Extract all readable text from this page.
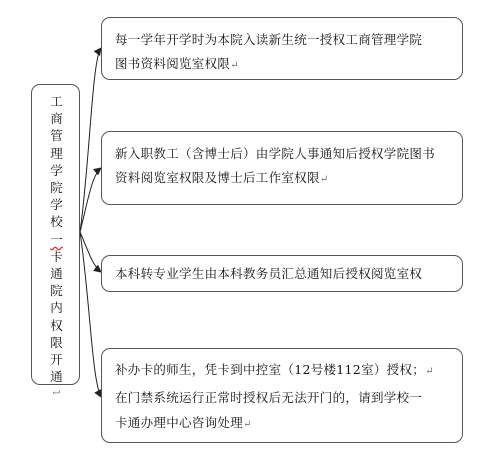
工
商
管
理
学
院
学
校
一
卡
通
院
内
权
限
开
通
↩
每一学年开学时为本院入读新生统一授权工商管理学院
图书资料阅览室权限↵
新入职教工（含博士后）由学院人事通知后授权学院图书
资料阅览室权限及博士后工作室权限↵
本科转专业学生由本科教务员汇总通知后授权阅览室权
补办卡的师生，凭卡到中控室（12号楼112室）授权；↵
在门禁系统运行正常时授权后无法开门的，请到学校一
卡通办理中心咨询处理↵
